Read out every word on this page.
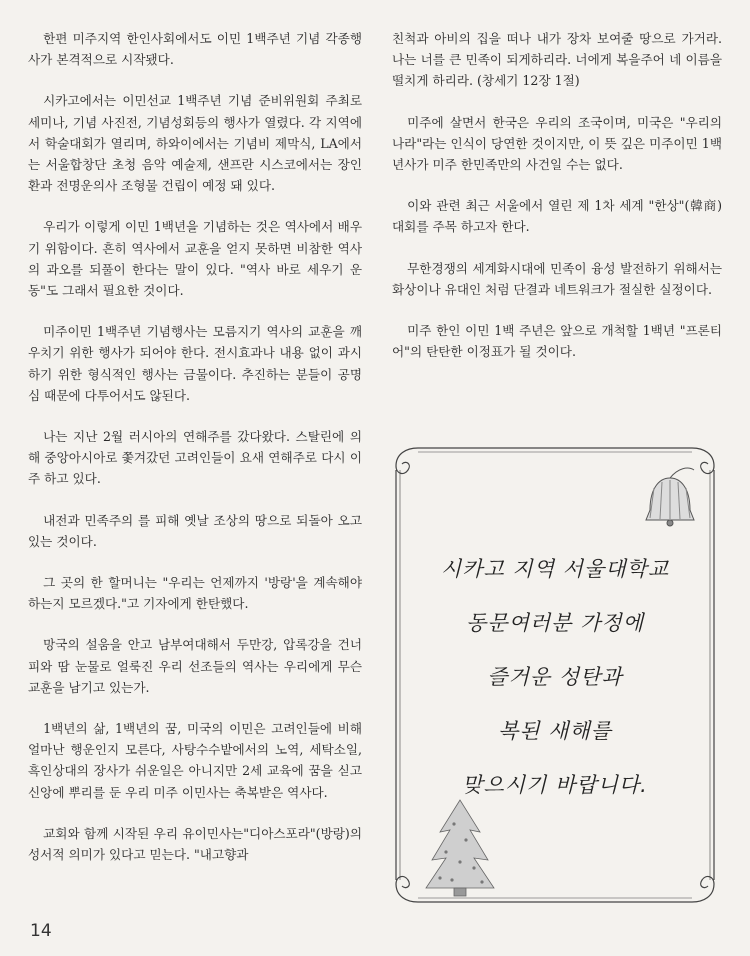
한편 미주지역 한인사회에서도 이민 1백주년 기념 각종행사가 본격적으로 시작됐다.

시카고에서는 이민선교 1백주년 기념 준비위원회 주최로 세미나, 기념 사진전, 기념성회등의 행사가 열렸다. 각 지역에서 학술대회가 열리며, 하와이에서는 기념비 제막식, LA에서는 서울합창단 초청 음악 예술제, 샌프란 시스코에서는 장인환과 전명운의사 조형물 건립이 예정 돼 있다.

우리가 이렇게 이민 1백년을 기념하는 것은 역사에서 배우기 위함이다. 흔히 역사에서 교훈을 얻지 못하면 비참한 역사의 과오를 되풀이 한다는 말이 있다. "역사 바로 세우기 운동"도 그래서 필요한 것이다.

미주이민 1백주년 기념행사는 모름지기 역사의 교훈을 깨우치기 위한 행사가 되어야 한다. 전시효과나 내용 없이 과시하기 위한 형식적인 행사는 금물이다. 추진하는 분들이 공명심 때문에 다투어서도 않된다.

나는 지난 2월 러시아의 연해주를 갔다왔다. 스탈린에 의해 중앙아시아로 쫓겨갔던 고려인들이 요새 연해주로 다시 이주 하고 있다.

내전과 민족주의 를 피해 옛날 조상의 땅으로 되돌아 오고 있는 것이다.

그 곳의 한 할머니는 "우리는 언제까지 '방랑'을 계속해야 하는지 모르겠다."고 기자에게 한탄했다.

망국의 설움을 안고 남부여대해서 두만강, 압록강을 건너 피와 땀 눈물로 얼룩진 우리 선조들의 역사는 우리에게 무슨 교훈을 남기고 있는가.

1백년의 삶, 1백년의 꿈, 미국의 이민은 고려인들에 비해 얼마난 행운인지 모른다, 사탕수수밭에서의 노역, 세탁소일, 흑인상대의 장사가 쉬운일은 아니지만 2세 교육에 꿈을 싣고 신앙에 뿌리를 둔 우리 미주 이민사는 축복받은 역사다.

교회와 함께 시작된 우리 유이민사는"디아스포라"(방랑)의 성서적 의미가 있다고 믿는다. "내고향과

친척과 아비의 집을 떠나 내가 장차 보여줄 땅으로 가거라. 나는 너를 큰 민족이 되게하리라. 너에게 복을주어 네 이름을 떨치게 하리라. (창세기 12장 1절)

미주에 살면서 한국은 우리의 조국이며, 미국은 "우리의 나라"라는 인식이 당연한 것이지만, 이 뜻 깊은 미주이민 1백년사가 미주 한민족만의 사건일 수는 없다.

이와 관련 최근 서울에서 열린 제 1차 세계 "한상"(韓商)대회를 주목 하고자 한다.

무한경쟁의 세계화시대에 민족이 융성 발전하기 위해서는 화상이나 유대인 처럼 단결과 네트워크가 절실한 실정이다.

미주 한인 이민 1백 주년은 앞으로 개척할 1백년 "프론티어"의 탄탄한 이정표가 될 것이다.

시카고 지역 서울대학교
동문여러분 가정에
즐거운 성탄과
복된 새해를
맞으시기 바랍니다.
14
